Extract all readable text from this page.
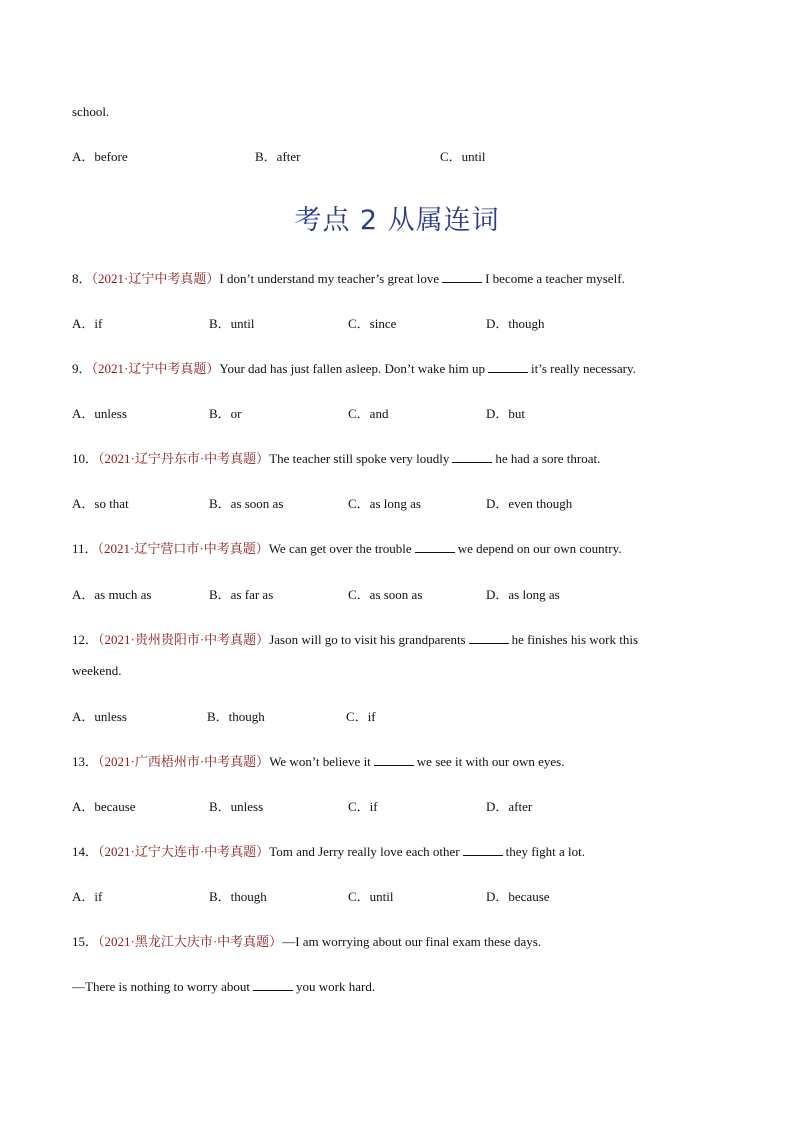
school.
A．before	B．after	C．until
考点 2 从属连词
8．（2021·辽宁中考真题）I don’t understand my teacher’s great love	I become a teacher myself.
A．if	B．until	C．since	D．though
9．（2021·辽宁中考真题）Your dad has just fallen asleep. Don’t wake him up	it’s really necessary.
A．unless	B．or	C．and	D．but
10．（2021·辽宁丹东市·中考真题）The teacher still spoke very loudly	he had a sore throat.
A．so that	B．as soon as	C．as long as	D．even though
11．（2021·辽宁营口市·中考真题）We can get over the trouble	we depend on our own country.
A．as much as	B．as far as	C．as soon as	D．as long as
12．（2021·贵州贵阳市·中考真题）Jason will go to visit his grandparents	he finishes his work this
weekend.
A．unless	B．though	C．if
13．（2021·广西梧州市·中考真题）We won’t believe it	we see it with our own eyes.
A．because	B．unless	C．if	D．after
14．（2021·辽宁大连市·中考真题）Tom and Jerry really love each other	they fight a lot.
A．if	B．though	C．until	D．because
15．（2021·黑龙江大庆市·中考真题）—I am worrying about our final exam these days.
—There is nothing to worry about	you work hard.
